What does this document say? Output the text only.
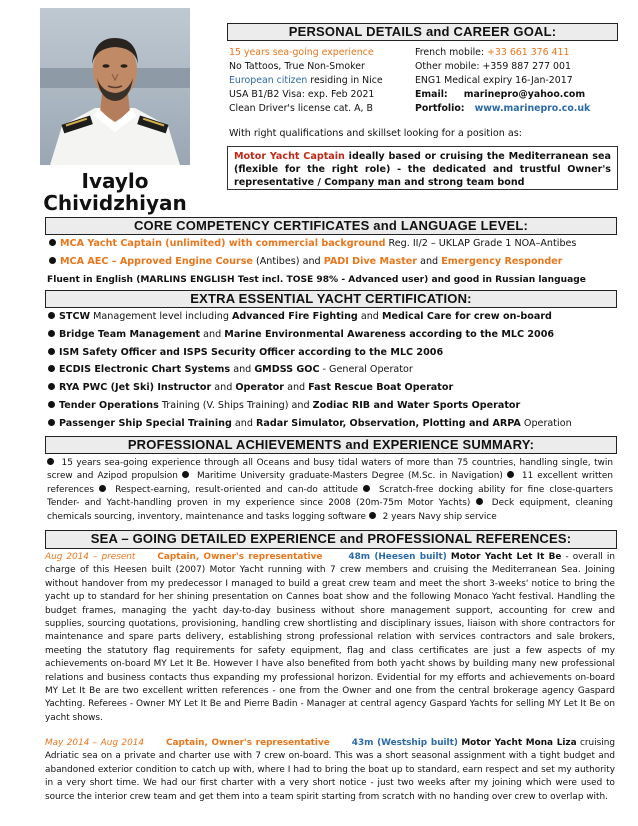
Ivaylo
Chividzhiyan
PERSONAL DETAILS and CAREER GOAL:
15 years sea-going experience
No Tattoos, True Non-Smoker
European citizen residing in Nice
USA B1/B2 Visa: exp. Feb 2021
Clean Driver's license cat. A, B
French mobile: +33 661 376 411
Other mobile: +359 887 277 001
ENG1 Medical expiry 16-Jan-2017
Email: marinepro@yahoo.com
Portfolio: www.marinepro.co.uk
With right qualifications and skillset looking for a position as:
Motor Yacht Captain ideally based or cruising the Mediterranean sea (flexible for the right role) - the dedicated and trustful Owner's representative / Company man and strong team bond
CORE COMPETENCY CERTIFICATES and LANGUAGE LEVEL:
MCA Yacht Captain (unlimited) with commercial background Reg. II/2 – UKLAP Grade 1 NOA–Antibes
MCA AEC – Approved Engine Course (Antibes) and PADI Dive Master and Emergency Responder
Fluent in English (MARLINS ENGLISH Test incl. TOSE 98% - Advanced user) and good in Russian language
EXTRA ESSENTIAL YACHT CERTIFICATION:
STCW Management level including Advanced Fire Fighting and Medical Care for crew on-board
Bridge Team Management and Marine Environmental Awareness according to the MLC 2006
ISM Safety Officer and ISPS Security Officer according to the MLC 2006
ECDIS Electronic Chart Systems and GMDSS GOC - General Operator
RYA PWC (Jet Ski) Instructor and Operator and Fast Rescue Boat Operator
Tender Operations Training (V. Ships Training) and Zodiac RIB and Water Sports Operator
Passenger Ship Special Training and Radar Simulator, Observation, Plotting and ARPA Operation
PROFESSIONAL ACHIEVEMENTS and EXPERIENCE SUMMARY:
15 years sea-going experience through all Oceans and busy tidal waters of more than 75 countries, handling single, twin screw and Azipod propulsion  Maritime University graduate-Masters Degree (M.Sc. in Navigation)  11 excellent written references  Respect-earning, result-oriented and can-do attitude  Scratch-free docking ability for fine close-quarters Tender- and Yacht-handling proven in my experience since 2008 (20m-75m Motor Yachts)  Deck equipment, cleaning chemicals sourcing, inventory, maintenance and tasks logging software  2 years Navy ship service
SEA – GOING DETAILED EXPERIENCE and PROFESSIONAL REFERENCES:
Aug 2014 – present Captain, Owner's representative	48m (Heesen built) Motor Yacht Let It Be - overall in charge of this Heesen built (2007) Motor Yacht running with 7 crew members and cruising the Mediterranean Sea. Joining without handover from my predecessor I managed to build a great crew team and meet the short 3-weeks' notice to bring the yacht up to standard for her shining presentation on Cannes boat show and the following Monaco Yacht festival. Handling the budget frames, managing the yacht day-to-day business without shore management support, accounting for crew and supplies, sourcing quotations, provisioning, handling crew shortlisting and disciplinary issues, liaison with shore contractors for maintenance and spare parts delivery, establishing strong professional relation with services contractors and sale brokers, meeting the statutory flag requirements for safety equipment, flag and class certificates are just a few aspects of my achievements on-board MY Let It Be. However I have also benefited from both yacht shows by building many new professional relations and business contacts thus expanding my professional horizon. Evidential for my efforts and achievements on-board MY Let It Be are two excellent written references - one from the Owner and one from the central brokerage agency Gaspard Yachting. Referees - Owner MY Let It Be and Pierre Badin - Manager at central agency Gaspard Yachts for selling MY Let It Be on yacht shows.
May 2014 – Aug 2014 Captain, Owner's representative 43m (Westship built) Motor Yacht Mona Liza cruising Adriatic sea on a private and charter use with 7 crew on-board. This was a short seasonal assignment with a tight budget and abandoned exterior condition to catch up with, where I had to bring the boat up to standard, earn respect and set my authority in a very short time. We had our first charter with a very short notice - just two weeks after my joining which were used to source the interior crew team and get them into a team spirit starting from scratch with no handing over crew to overlap with.
